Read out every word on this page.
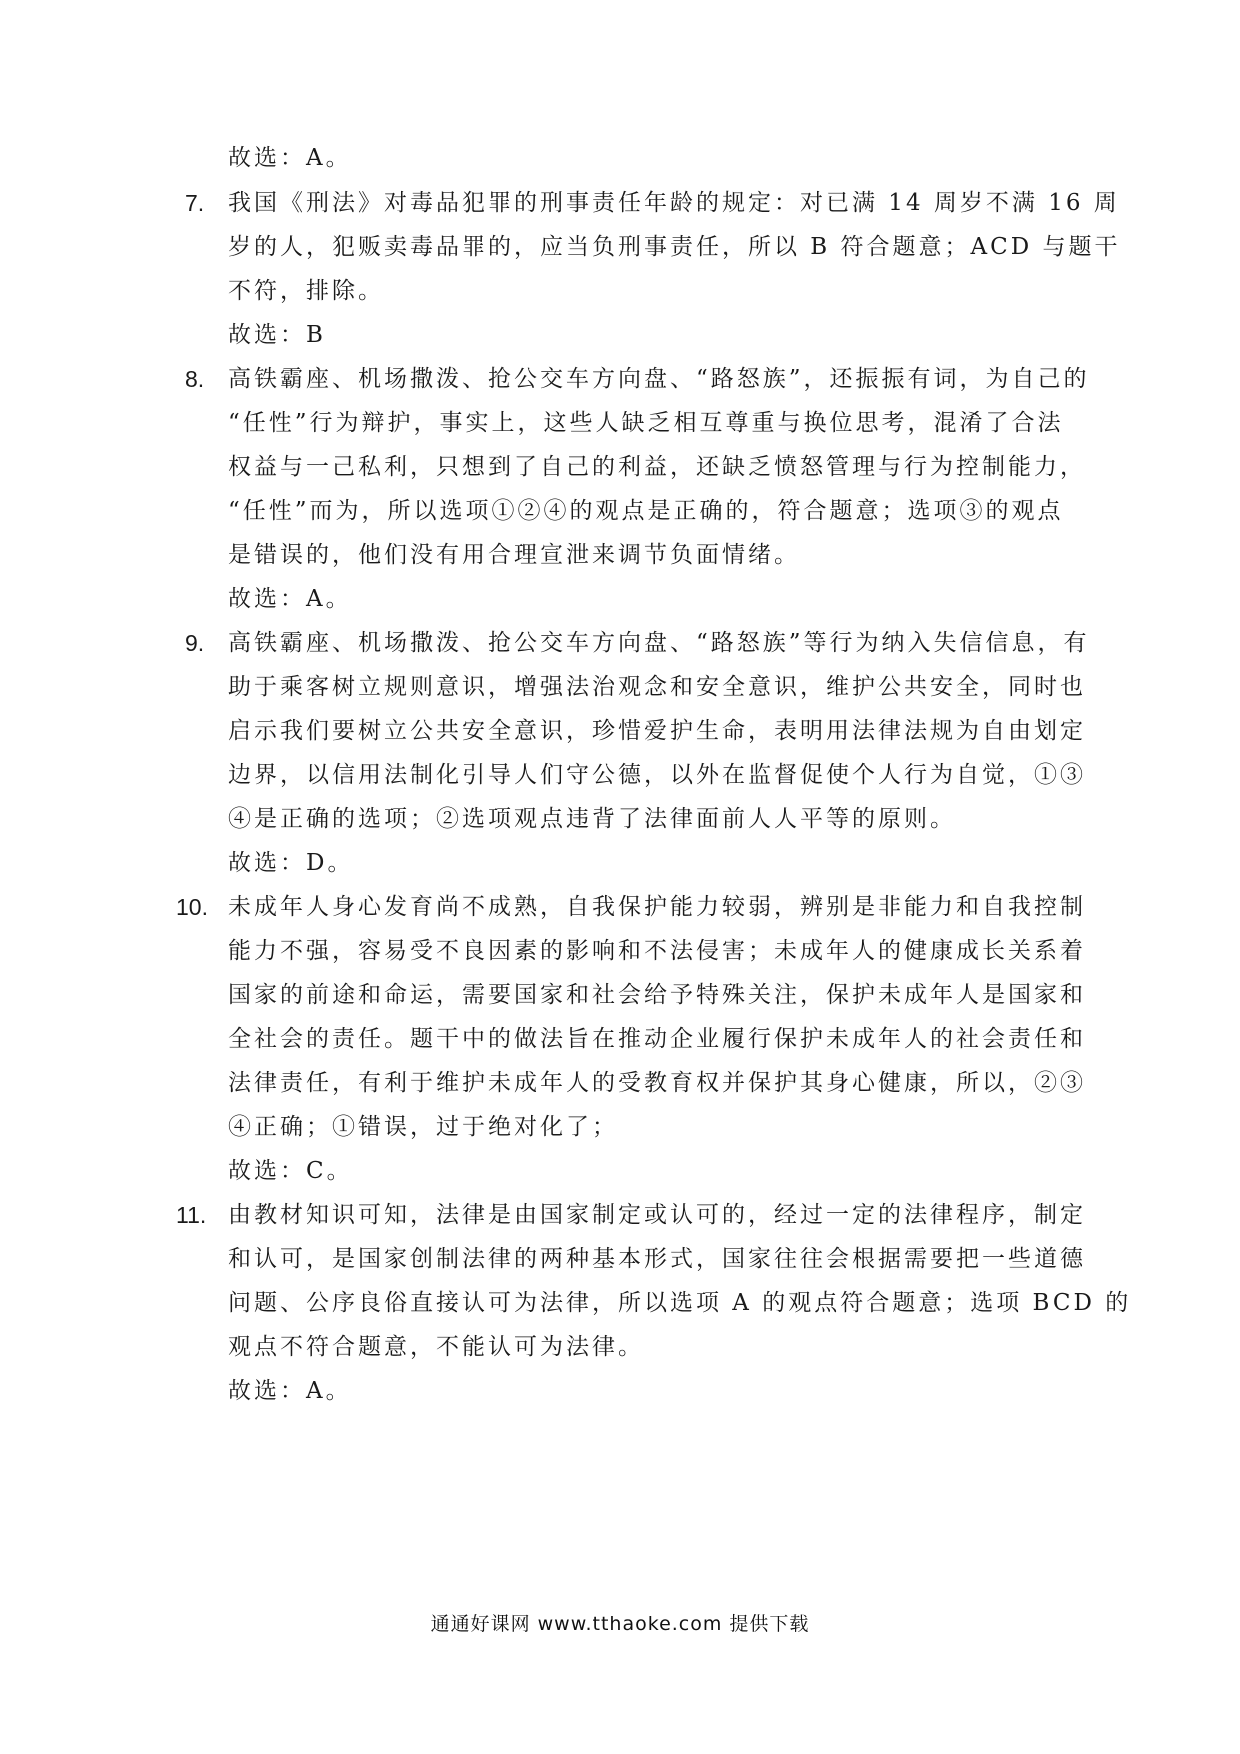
故选：A。
7. 我国《刑法》对毒品犯罪的刑事责任年龄的规定：对已满 14 周岁不满 16 周
岁的人，犯贩卖毒品罪的，应当负刑事责任，所以 B 符合题意；ACD 与题干
不符，排除。
故选：B
8. 高铁霸座、机场撒泼、抢公交车方向盘、“路怒族”，还振振有词，为自己的
“任性”行为辩护，事实上，这些人缺乏相互尊重与换位思考，混淆了合法
权益与一己私利，只想到了自己的利益，还缺乏愤怒管理与行为控制能力，
“任性”而为，所以选项①②④的观点是正确的，符合题意；选项③的观点
是错误的，他们没有用合理宣泄来调节负面情绪。
故选：A。
9. 高铁霸座、机场撒泼、抢公交车方向盘、“路怒族”等行为纳入失信信息，有
助于乘客树立规则意识，增强法治观念和安全意识，维护公共安全，同时也
启示我们要树立公共安全意识，珍惜爱护生命，表明用法律法规为自由划定
边界，以信用法制化引导人们守公德，以外在监督促使个人行为自觉，①③
④是正确的选项；②选项观点违背了法律面前人人平等的原则。
故选：D。
10. 未成年人身心发育尚不成熟，自我保护能力较弱，辨别是非能力和自我控制
能力不强，容易受不良因素的影响和不法侵害；未成年人的健康成长关系着
国家的前途和命运，需要国家和社会给予特殊关注，保护未成年人是国家和
全社会的责任。题干中的做法旨在推动企业履行保护未成年人的社会责任和
法律责任，有利于维护未成年人的受教育权并保护其身心健康，所以，②③
④正确；①错误，过于绝对化了；
故选：C。
11. 由教材知识可知，法律是由国家制定或认可的，经过一定的法律程序，制定
和认可，是国家创制法律的两种基本形式，国家往往会根据需要把一些道德
问题、公序良俗直接认可为法律，所以选项 A 的观点符合题意；选项 BCD 的
观点不符合题意，不能认可为法律。
故选：A。
通通好课网 www.tthaoke.com 提供下载
